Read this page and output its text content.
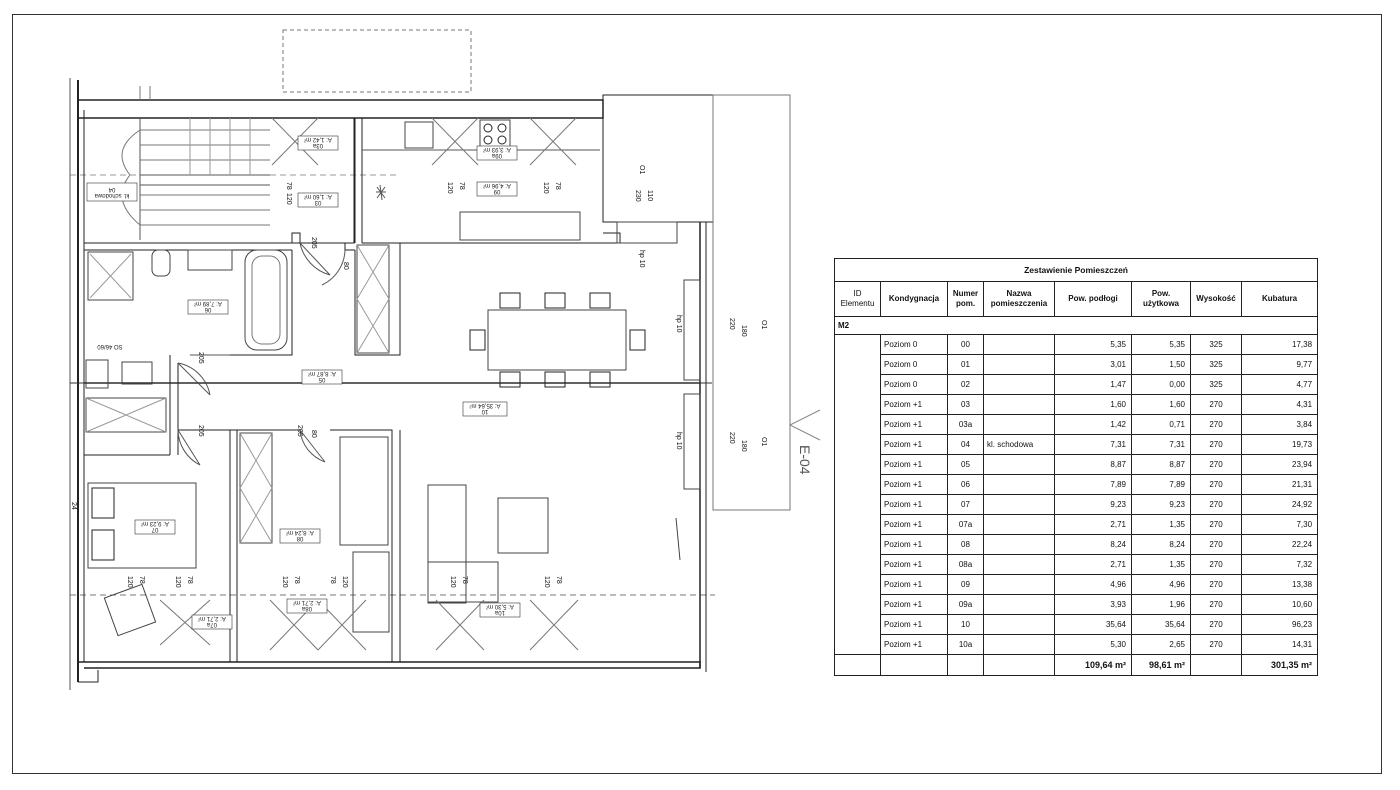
kl. schodowa
04
03a
A: 1,42 m²
03
A: 1,60 m²
09a
A: 3,93 m²
09
A: 4,96 m²
06
A: 7,89 m²
05
A: 8,87 m²
10
A: 35,64 m²
07
A: 9,23 m²
08
A: 8,24 m²
07a
A: 2,71 m²
08a
A: 2,71 m²
10a
A: 5,30 m²
78
120
78
120	78
120
205
80
205
205	205 80
O1
230 110
hp 10
hp 10	220
180
O1
hp 10	220
180 O1
120 78	120 78	120 78	78 120	120 78	120 78
24
SO 46/60
E-04
Zestawienie Pomieszczeń							
ID Elementu	Kondygnacja	Numer pom.	Nazwa pomieszczenia	Pow. podłogi	Pow. użytkowa	Wysokość	Kubatura
M2							
	Poziom 0	00		5,35	5,35	325	17,38
	Poziom 0	01		3,01	1,50	325	9,77
	Poziom 0	02		1,47	0,00	325	4,77
	Poziom +1	03		1,60	1,60	270	4,31
	Poziom +1	03a		1,42	0,71	270	3,84
	Poziom +1	04	kl. schodowa	7,31	7,31	270	19,73
	Poziom +1	05		8,87	8,87	270	23,94
	Poziom +1	06		7,89	7,89	270	21,31
	Poziom +1	07		9,23	9,23	270	24,92
	Poziom +1	07a		2,71	1,35	270	7,30
	Poziom +1	08		8,24	8,24	270	22,24
	Poziom +1	08a		2,71	1,35	270	7,32
	Poziom +1	09		4,96	4,96	270	13,38
	Poziom +1	09a		3,93	1,96	270	10,60
	Poziom +1	10		35,64	35,64	270	96,23
	Poziom +1	10a		5,30	2,65	270	14,31
				109,64 m²	98,61 m²		301,35 m²
